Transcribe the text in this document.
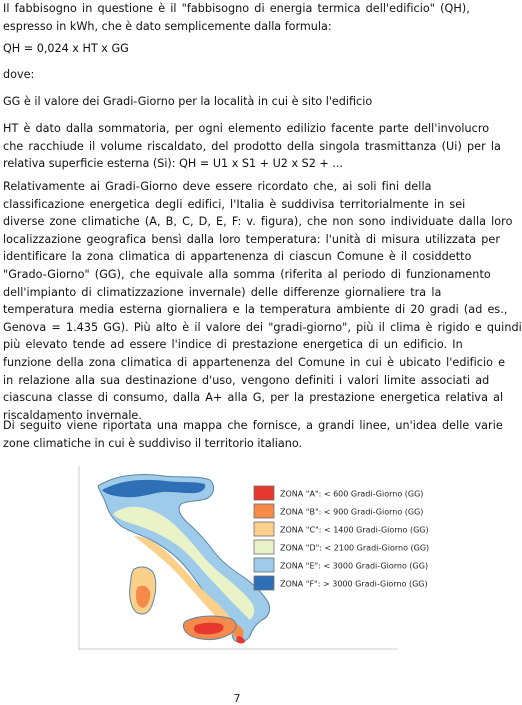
Il fabbisogno in questione è il "fabbisogno di energia termica dell'edificio" (QH),
espresso in kWh, che è dato semplicemente dalla formula:
QH = 0,024 x HT x GG
dove:
GG è il valore dei Gradi-Giorno per la località in cui è sito l'edificio
HT è dato dalla sommatoria, per ogni elemento edilizio facente parte dell'involucro
che racchiude il volume riscaldato, del prodotto della singola trasmittanza (Ui) per la
relativa superficie esterna (Si): QH = U1 x S1 + U2 x S2 + ...
Relativamente ai Gradi-Giorno deve essere ricordato che, ai soli fini della
classificazione energetica degli edifici, l'Italia è suddivisa territorialmente in sei
diverse zone climatiche (A, B, C, D, E, F: v. figura), che non sono individuate dalla loro
localizzazione geografica bensì dalla loro temperatura: l'unità di misura utilizzata per
identificare la zona climatica di appartenenza di ciascun Comune è il cosiddetto
"Grado-Giorno" (GG), che equivale alla somma (riferita al periodo di funzionamento
dell'impianto di climatizzazione invernale) delle differenze giornaliere tra la
temperatura media esterna giornaliera e la temperatura ambiente di 20 gradi (ad es.,
Genova = 1.435 GG). Più alto è il valore dei "gradi-giorno", più il clima è rigido e quindi
più elevato tende ad essere l'indice di prestazione energetica di un edificio. In
funzione della zona climatica di appartenenza del Comune in cui è ubicato l'edificio e
in relazione alla sua destinazione d'uso, vengono definiti i valori limite associati ad
ciascuna classe di consumo, dalla A+ alla G, per la prestazione energetica relativa al
riscaldamento invernale.
Di seguito viene riportata una mappa che fornisce, a grandi linee, un'idea delle varie
zone climatiche in cui è suddiviso il territorio italiano.
ZONA "A": < 600 Gradi-Giorno (GG)
ZONA "B": < 900 Gradi-Giorno (GG)
ZONA "C": < 1400 Gradi-Giorno (GG)
ZONA "D": < 2100 Gradi-Giorno (GG)
ZONA "E": < 3000 Gradi-Giorno (GG)
ZONA "F": > 3000 Gradi-Giorno (GG)
7
